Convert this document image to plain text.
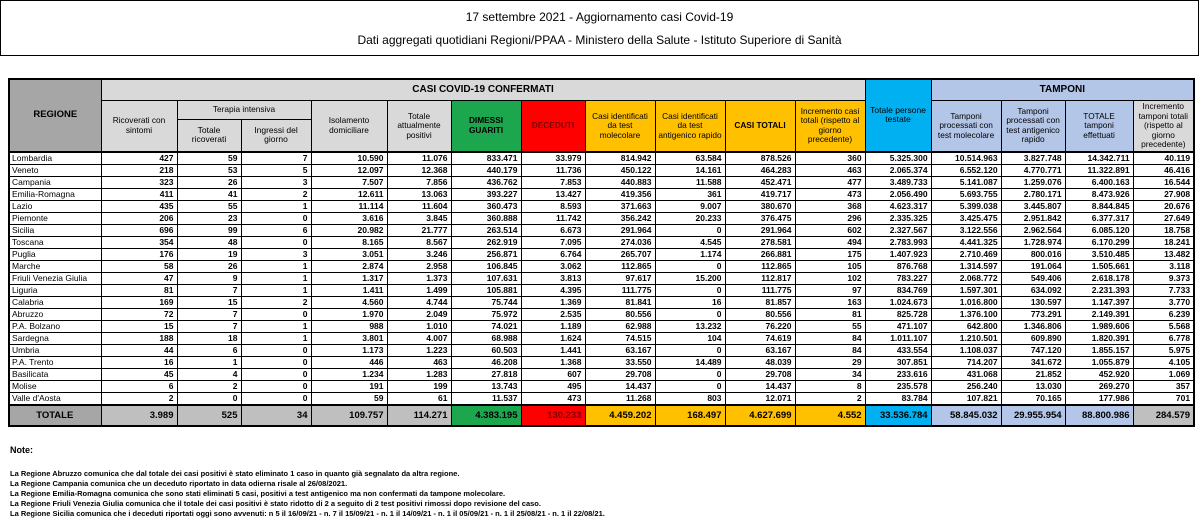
17 settembre 2021 - Aggiornamento casi Covid-19
Dati aggregati quotidiani Regioni/PPAA - Ministero della Salute - Istituto Superiore di Sanità
REGIONE	CASI COVID-19 CONFERMATI											Totale persone testate	TAMPONI			
	Ricoverati con sintomi	Terapia intensiva		Isolamento domiciliare	Totale attualmente positivi	DIMESSI GUARITI	DECEDUTI	Casi identificati da test molecolare	Casi identificati da test antigenico rapido	CASI TOTALI	Incremento casi totali (rispetto al giorno precedente)		Tamponi processati con test molecolare	Tamponi processati con test antigenico rapido	TOTALE tamponi effettuati	Incremento tamponi totali (rispetto al giorno precedente)
		Totale ricoverati	Ingressi del giorno													
Lombardia	427	59	7	10.590	11.076	833.471	33.979	814.942	63.584	878.526	360	5.325.300	10.514.963	3.827.748	14.342.711	40.119
Veneto	218	53	5	12.097	12.368	440.179	11.736	450.122	14.161	464.283	463	2.065.374	6.552.120	4.770.771	11.322.891	46.416
Campania	323	26	3	7.507	7.856	436.762	7.853	440.883	11.588	452.471	477	3.489.733	5.141.087	1.259.076	6.400.163	16.544
Emilia-Romagna	411	41	2	12.611	13.063	393.227	13.427	419.356	361	419.717	473	2.056.490	5.693.755	2.780.171	8.473.926	27.908
Lazio	435	55	1	11.114	11.604	360.473	8.593	371.663	9.007	380.670	368	4.623.317	5.399.038	3.445.807	8.844.845	20.676
Piemonte	206	23	0	3.616	3.845	360.888	11.742	356.242	20.233	376.475	296	2.335.325	3.425.475	2.951.842	6.377.317	27.649
Sicilia	696	99	6	20.982	21.777	263.514	6.673	291.964	0	291.964	602	2.327.567	3.122.556	2.962.564	6.085.120	18.758
Toscana	354	48	0	8.165	8.567	262.919	7.095	274.036	4.545	278.581	494	2.783.993	4.441.325	1.728.974	6.170.299	18.241
Puglia	176	19	3	3.051	3.246	256.871	6.764	265.707	1.174	266.881	175	1.407.923	2.710.469	800.016	3.510.485	13.482
Marche	58	26	1	2.874	2.958	106.845	3.062	112.865	0	112.865	105	876.768	1.314.597	191.064	1.505.661	3.118
Friuli Venezia Giulia	47	9	1	1.317	1.373	107.631	3.813	97.617	15.200	112.817	102	783.227	2.068.772	549.406	2.618.178	9.373
Liguria	81	7	1	1.411	1.499	105.881	4.395	111.775	0	111.775	97	834.769	1.597.301	634.092	2.231.393	7.733
Calabria	169	15	2	4.560	4.744	75.744	1.369	81.841	16	81.857	163	1.024.673	1.016.800	130.597	1.147.397	3.770
Abruzzo	72	7	0	1.970	2.049	75.972	2.535	80.556	0	80.556	81	825.728	1.376.100	773.291	2.149.391	6.239
P.A. Bolzano	15	7	1	988	1.010	74.021	1.189	62.988	13.232	76.220	55	471.107	642.800	1.346.806	1.989.606	5.568
Sardegna	188	18	1	3.801	4.007	68.988	1.624	74.515	104	74.619	84	1.011.107	1.210.501	609.890	1.820.391	6.778
Umbria	44	6	0	1.173	1.223	60.503	1.441	63.167	0	63.167	84	433.554	1.108.037	747.120	1.855.157	5.975
P.A. Trento	16	1	0	446	463	46.208	1.368	33.550	14.489	48.039	29	307.851	714.207	341.672	1.055.879	4.105
Basilicata	45	4	0	1.234	1.283	27.818	607	29.708	0	29.708	34	233.616	431.068	21.852	452.920	1.069
Molise	6	2	0	191	199	13.743	495	14.437	0	14.437	8	235.578	256.240	13.030	269.270	357
Valle d'Aosta	2	0	0	59	61	11.537	473	11.268	803	12.071	2	83.784	107.821	70.165	177.986	701
TOTALE	3.989	525	34	109.757	114.271	4.383.195	130.233	4.459.202	168.497	4.627.699	4.552	33.536.784	58.845.032	29.955.954	88.800.986	284.579
Note:
La Regione Abruzzo comunica che dal totale dei casi positivi è stato eliminato 1 caso in quanto già segnalato da altra regione.
La Regione Campania comunica che un deceduto riportato in data odierna risale al 26/08/2021.
La Regione Emilia-Romagna comunica che sono stati eliminati 5 casi, positivi a test antigenico ma non confermati da tampone molecolare.
La Regione Friuli Venezia Giulia comunica che il totale dei casi positivi è stato ridotto di 2 a seguito di 2 test positivi rimossi dopo revisione del caso.
La Regione Sicilia comunica che i deceduti riportati oggi sono avvenuti: n 5 il 16/09/21 - n. 7 il 15/09/21 - n. 1 il 14/09/21 - n. 1 il 05/09/21 - n. 1 il 25/08/21 - n. 1 il 22/08/21.
